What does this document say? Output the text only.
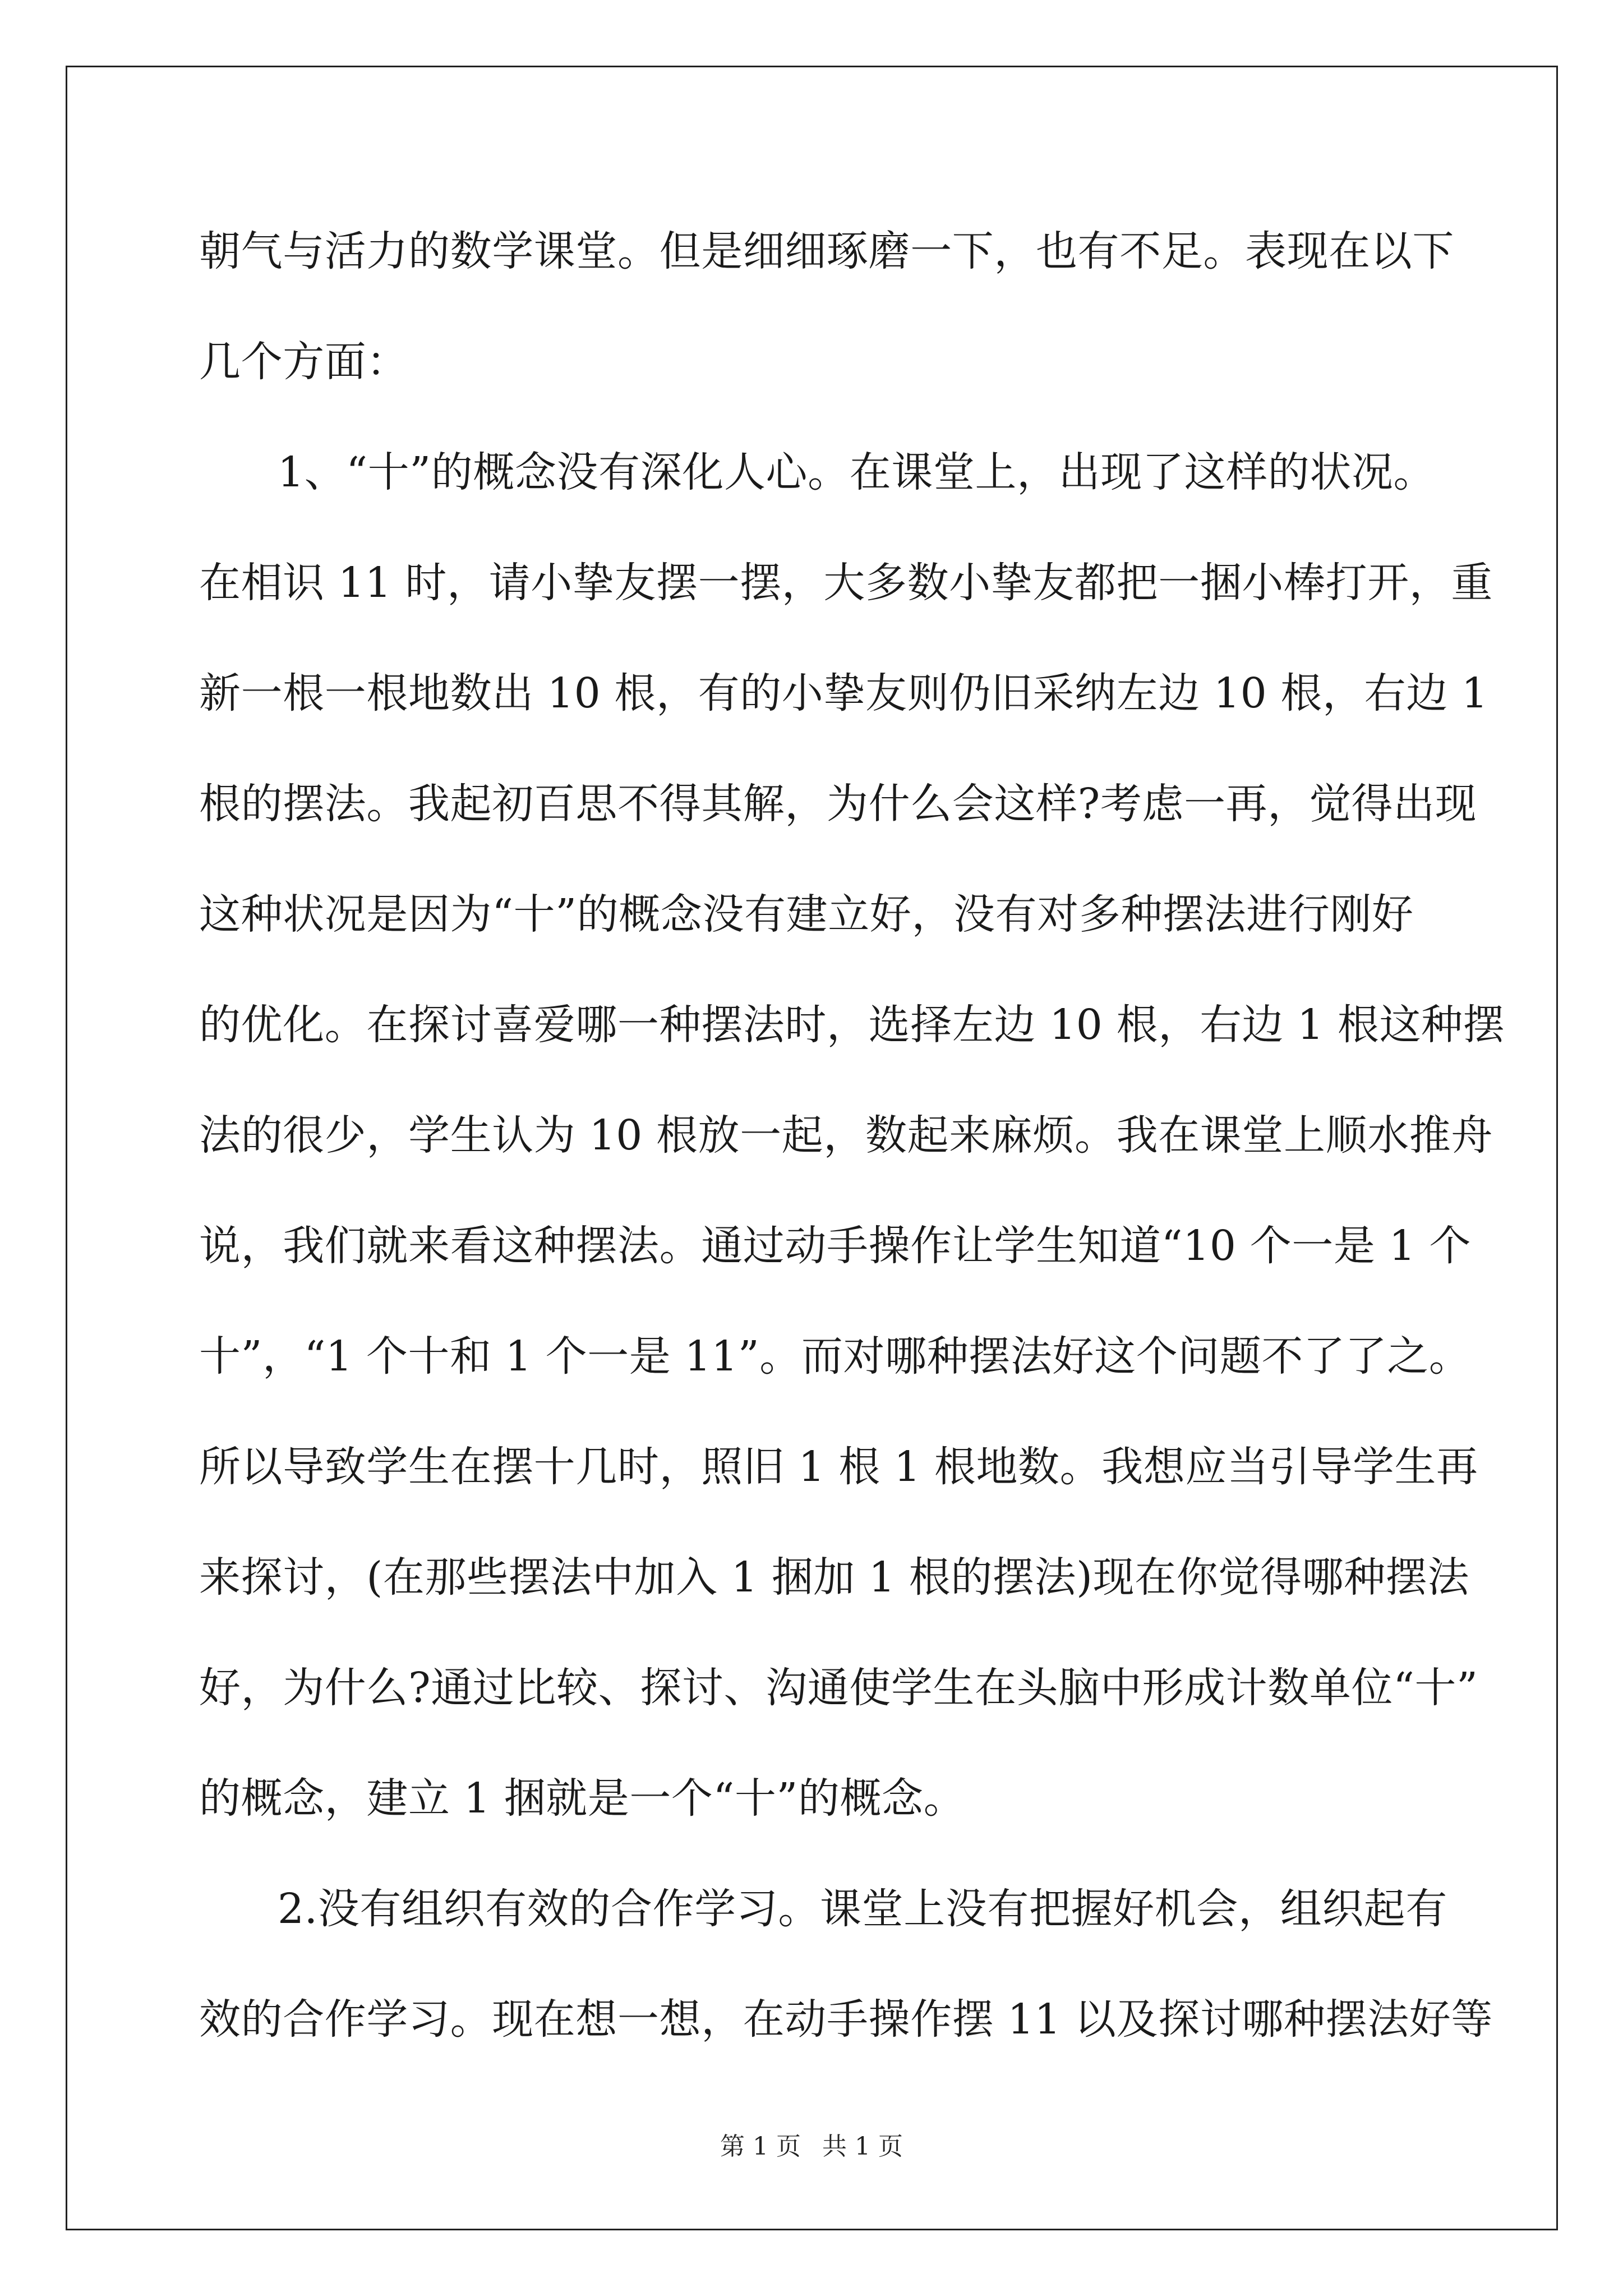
朝气与活力的数学课堂。但是细细琢磨一下，也有不足。表现在以下
几个方面：
1、“十”的概念没有深化人心。在课堂上，出现了这样的状况。
在相识 11 时，请小挚友摆一摆，大多数小挚友都把一捆小棒打开，重
新一根一根地数出 10 根，有的小挚友则仍旧采纳左边 10 根，右边 1
根的摆法。我起初百思不得其解，为什么会这样?考虑一再，觉得出现
这种状况是因为“十”的概念没有建立好，没有对多种摆法进行刚好
的优化。在探讨喜爱哪一种摆法时，选择左边 10 根，右边 1 根这种摆
法的很少，学生认为 10 根放一起，数起来麻烦。我在课堂上顺水推舟
说，我们就来看这种摆法。通过动手操作让学生知道“10 个一是 1 个
十”，“1 个十和 1 个一是 11”。而对哪种摆法好这个问题不了了之。
所以导致学生在摆十几时，照旧 1 根 1 根地数。我想应当引导学生再
来探讨，(在那些摆法中加入 1 捆加 1 根的摆法)现在你觉得哪种摆法
好，为什么?通过比较、探讨、沟通使学生在头脑中形成计数单位“十”
的概念，建立 1 捆就是一个“十”的概念。
2.没有组织有效的合作学习。课堂上没有把握好机会，组织起有
效的合作学习。现在想一想，在动手操作摆 11 以及探讨哪种摆法好等
第 1 页 共 1 页
